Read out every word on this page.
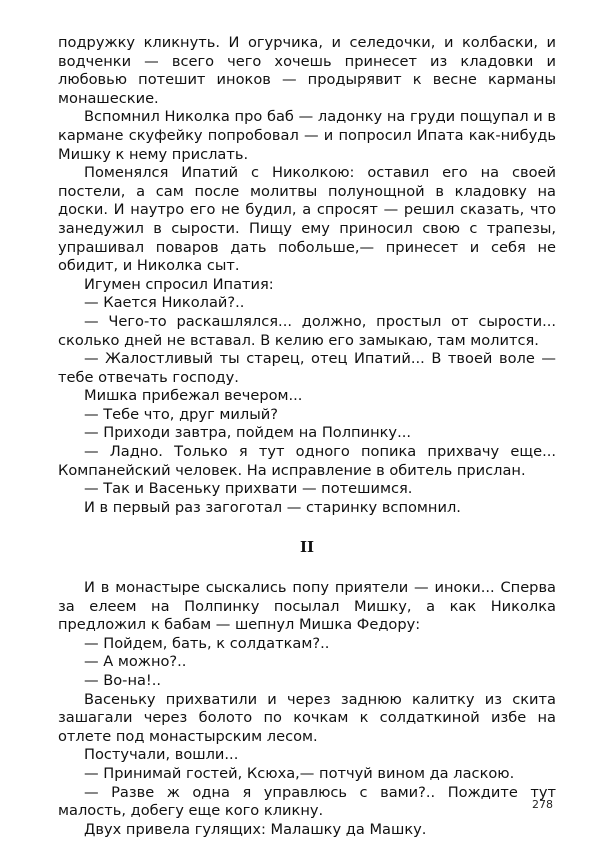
подружку кликнуть. И огурчика, и селедочки, и колбаски, и водченки — всего чего хочешь принесет из кладовки и любовью потешит иноков — продырявит к весне карманы монашеские.

Вспомнил Николка про баб — ладонку на груди пощупал и в кармане скуфейку попробовал — и попросил Ипата как-нибудь Мишку к нему прислать.

Поменялся Ипатий с Николкою: оставил его на своей постели, а сам после молитвы полунощной в кладовку на доски. И наутро его не будил, а спросят — решил сказать, что занедужил в сырости. Пищу ему приносил свою с трапезы, упрашивал поваров дать побольше,— принесет и себя не обидит, и Николка сыт.

Игумен спросил Ипатия:

— Кается Николай?..

— Чего-то раскашлялся... должно, простыл от сырости... сколько дней не вставал. В келию его замыкаю, там молится.

— Жалостливый ты старец, отец Ипатий... В твоей воле — тебе отвечать господу.

Мишка прибежал вечером...

— Тебе что, друг милый?

— Приходи завтра, пойдем на Полпинку...

— Ладно. Только я тут одного попика прихвачу еще... Компанейский человек. На исправление в обитель прислан.

— Так и Васеньку прихвати — потешимся.

И в первый раз загоготал — старинку вспомнил.

II

И в монастыре сыскались попу приятели — иноки... Сперва за елеем на Полпинку посылал Мишку, а как Николка предложил к бабам — шепнул Мишка Федору:

— Пойдем, бать, к солдаткам?..

— А можно?..

— Во-на!..

Васеньку прихватили и через заднюю калитку из скита зашагали через болото по кочкам к солдаткиной избе на отлете под монастырским лесом.

Постучали, вошли...

— Принимай гостей, Ксюха,— потчуй вином да ласкою.

— Разве ж одна я управлюсь с вами?.. Пождите тут малость, добегу еще кого кликну.

Двух привела гулящих: Малашку да Машку.

278
